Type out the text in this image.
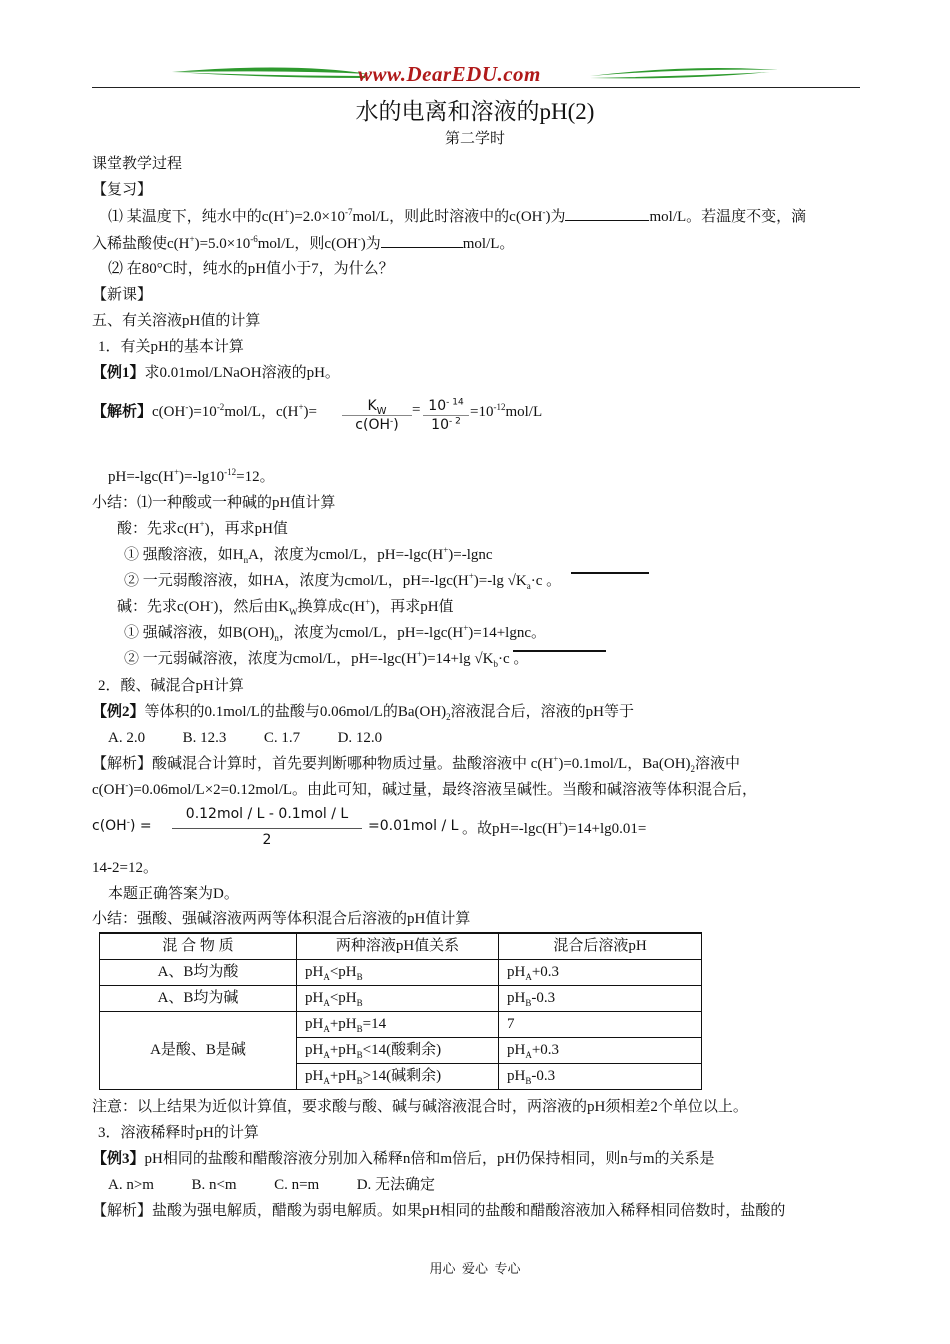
www.DearEDU.com
水的电离和溶液的pH(2)
第二学时
课堂教学过程
【复习】
⑴ 某温度下，纯水中的$c(H^+)=2.0\times 10^{-7}mol/L$，则此时溶液中的c(OH-)为	mol/L。若温度不变，滴
入稀盐酸使$c(H^+)=5.0\times 10^{-6}mol/L$，则c(OH-)为	mol/L。
⑵ 在80°C时，纯水的pH值小于7，为什么？
【新课】
五、有关溶液pH值的计算
1．有关pH的基本计算
【例1】求0.01mol/LNaOH溶液的pH。
【解析】$c(OH^-)=10^{-2}mol/L$，c(H+)=	$K_W$
c(OH-)
= $10^{- 14}$
$10^{- 2}$
$=10^{-12}mol/L$
$pH=-\lg c(H^+)=-\lg 10^{-12}=12$。
小结：⑴一种酸或一种碱的pH值计算
酸：先求c(H+)，再求pH值
① 强酸溶液，如$H_nA$，浓度为cmol/L，pH=-lgc(H+)=-lgnc
② 一元弱酸溶液，如HA，浓度为cmol/L，pH=-lgc(H+)=-lg $√K_a\cdot c$ 。
碱：先求c(OH-)，然后由$K_W$换算成c(H+)，再求pH值
① 强碱溶液，如$B(OH)_n$，浓度为cmol/L，pH=-lgc(H+)=14+lgnc。
② 一元弱碱溶液，浓度为cmol/L，pH=-lgc(H+)=14+lg $√K_b\cdot c$ 。
2．酸、碱混合pH计算
【例2】等体积的0.1mol/L的盐酸与0.06mol/L的$Ba(OH)_2$溶液混合后，溶液的pH等于
A. 2.0          B. 12.3          C. 1.7          D. 12.0
【解析】酸碱混合计算时，首先要判断哪种物质过量。盐酸溶液中 c(H+)=0.1mol/L，$Ba(OH)_2$溶液中
c(OH-)=0.06mol/L×2=0.12mol/L。由此可知，碱过量，最终溶液呈碱性。当酸和碱溶液等体积混合后，
c(OH-) =
0.12mol / L - 0.1mol / L
2
=0.01mol / L 。故pH=-lgc(H+)=14+lg0.01=
14-2=12。
本题正确答案为D。
小结：强酸、强碱溶液两两等体积混合后溶液的pH值计算
混 合 物 质	两种溶液pH值关系	混合后溶液pH
A、B均为酸	$pH_A<pH_B$	$pH_A+0.3$
A、B均为碱	$pH_A<pH_B$	$pH_B-0.3$
A是酸、B是碱	$pH_A+pH_B=14$	7
	$pH_A+pH_B<14$(酸剩余)	$pH_A+0.3$
	$pH_A+pH_B>14$(碱剩余)	$pH_B-0.3$
注意：以上结果为近似计算值，要求酸与酸、碱与碱溶液混合时，两溶液的pH须相差2个单位以上。
3．溶液稀释时pH的计算
【例3】pH相同的盐酸和醋酸溶液分别加入稀释n倍和m倍后，pH仍保持相同，则n与m的关系是
A. n>m          B. n<m          C. n=m          D. 无法确定
【解析】盐酸为强电解质，醋酸为弱电解质。如果pH相同的盐酸和醋酸溶液加入稀释相同倍数时，盐酸的
用心  爱心  专心
